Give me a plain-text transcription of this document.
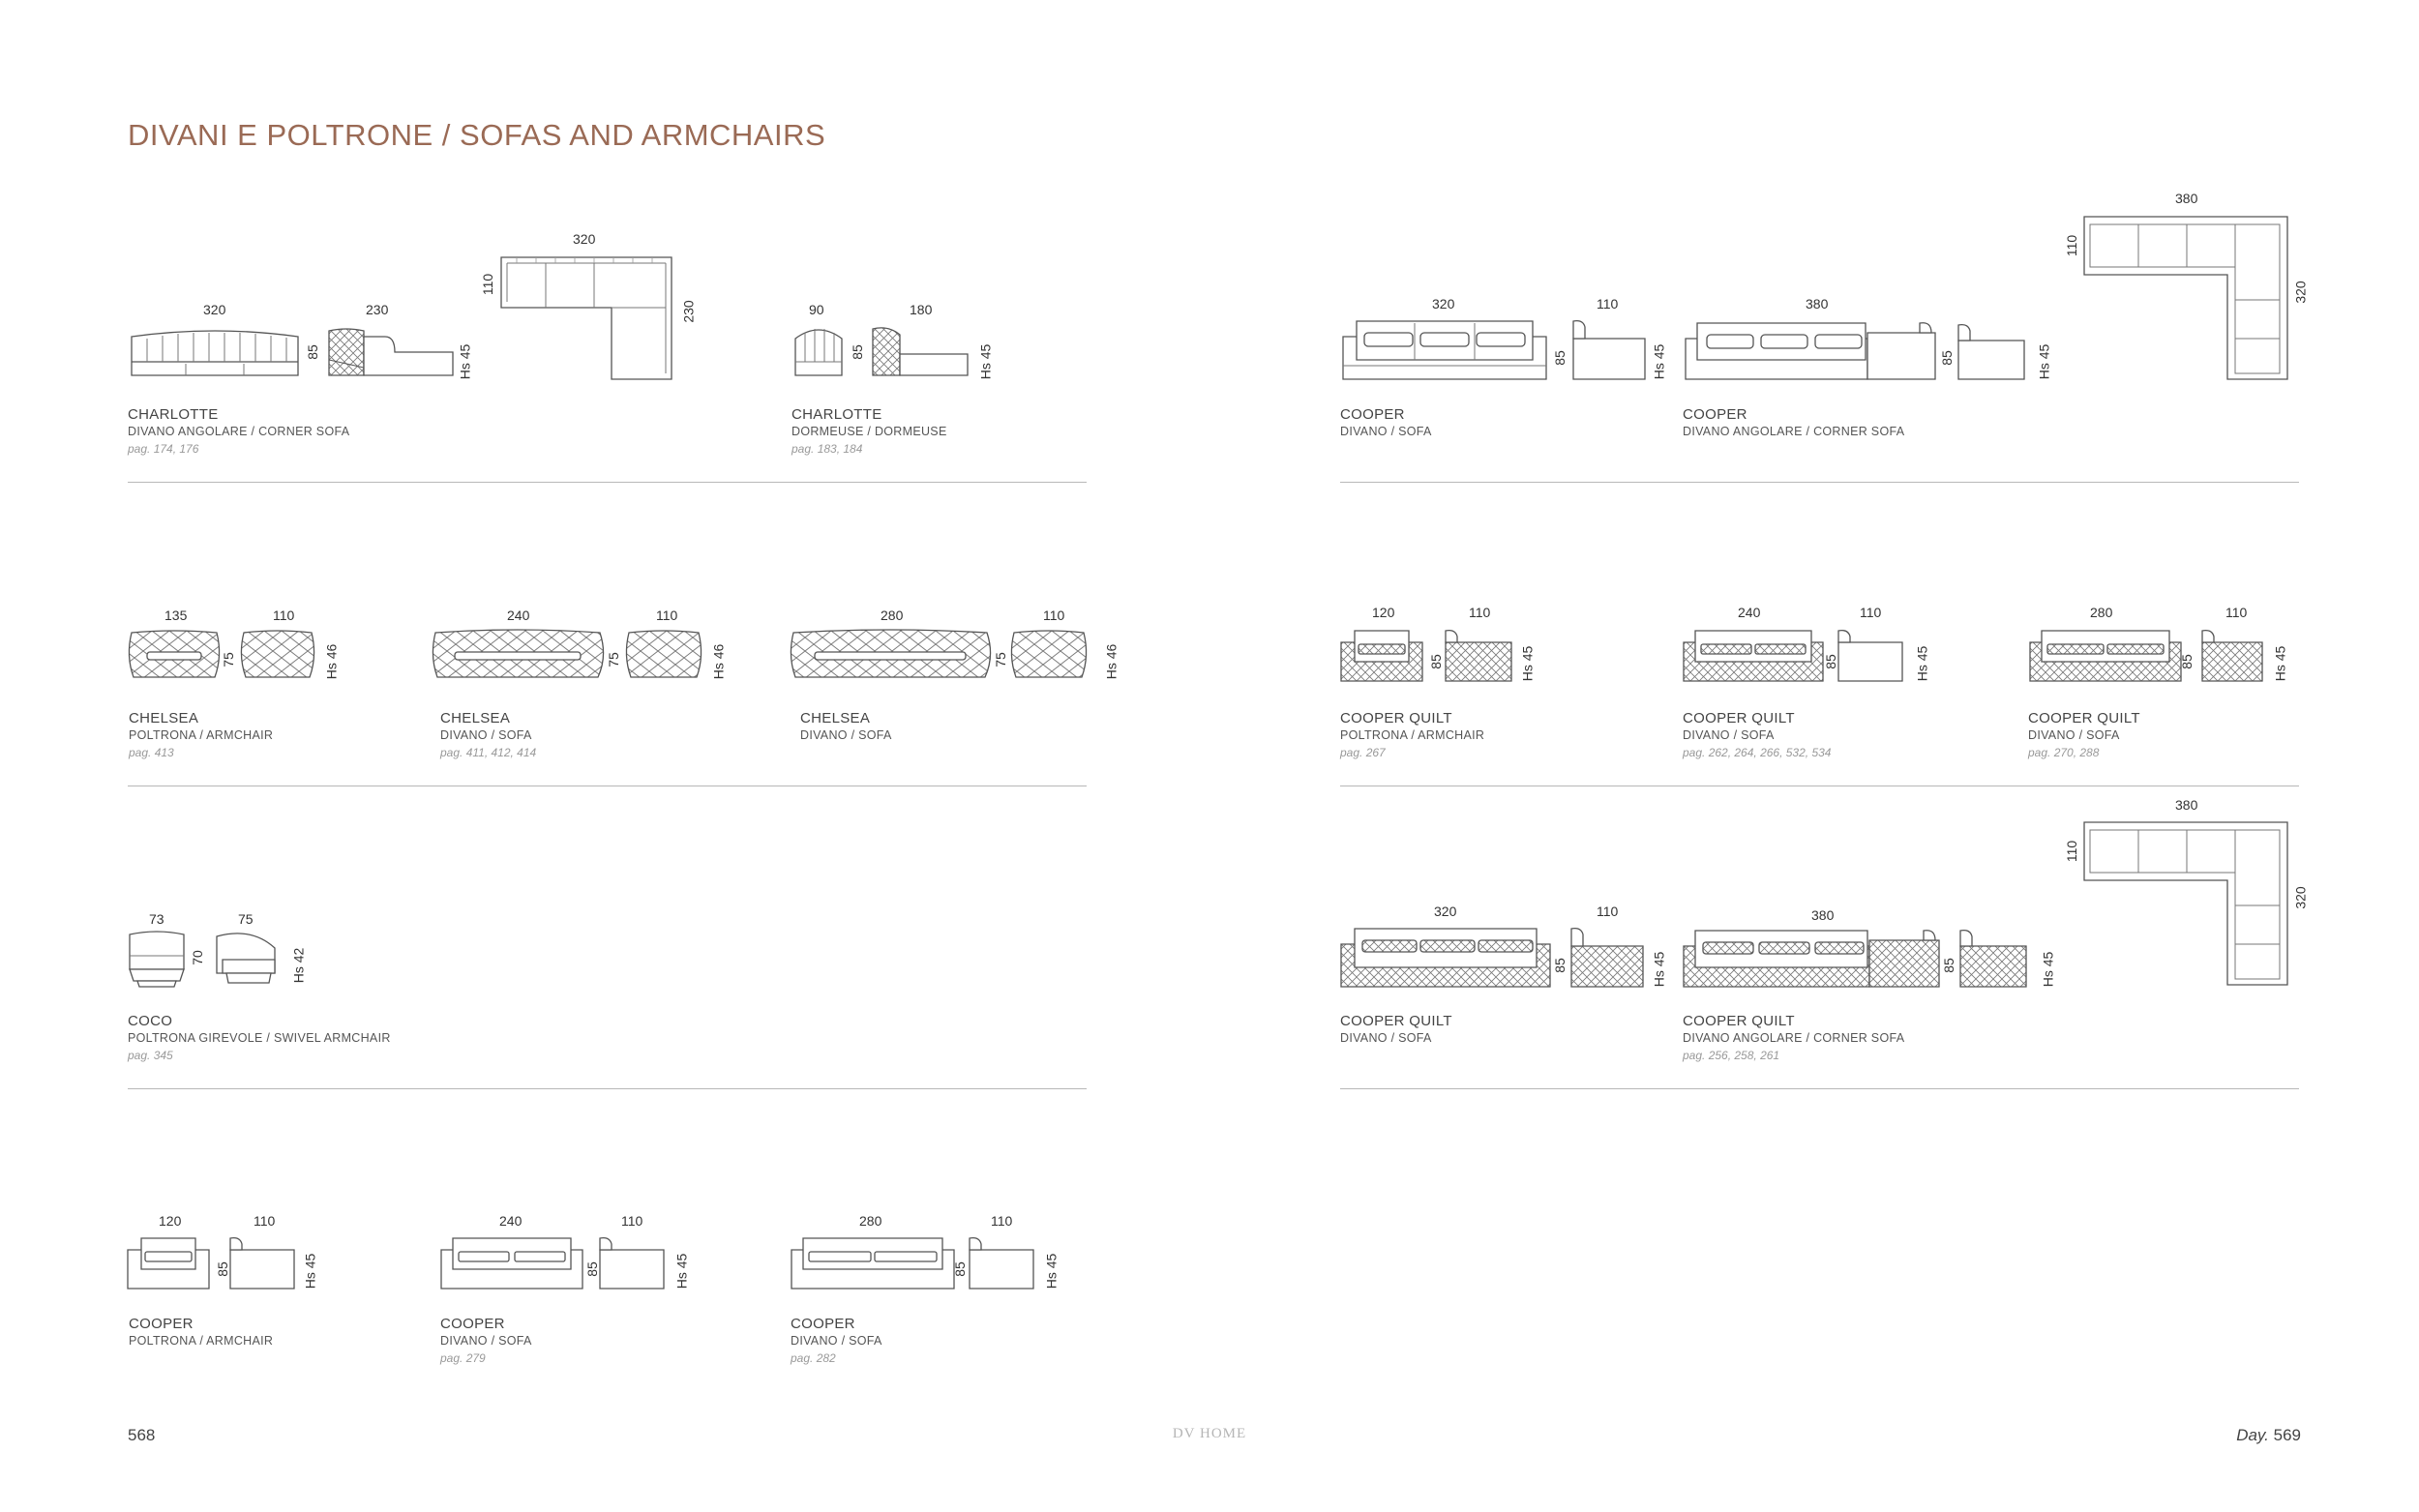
DIVANI E POLTRONE / SOFAS AND ARMCHAIRS
320
85
230
Hs 45
320
110
230
CHARLOTTE
DIVANO ANGOLARE / CORNER SOFA
pag. 174, 176
90
85
180
Hs 45
CHARLOTTE
DORMEUSE / DORMEUSE
pag. 183, 184
320
85
110
Hs 45
COOPER
DIVANO / SOFA
380
85	Hs 45
380
110
320
COOPER
DIVANO ANGOLARE / CORNER SOFA
135
75
110
Hs 46
CHELSEA
POLTRONA / ARMCHAIR
pag. 413
240
75
110
Hs 46
CHELSEA
DIVANO / SOFA
pag. 411, 412, 414
280
75
110
Hs 46
CHELSEA
DIVANO / SOFA
120
85
110
Hs 45
COOPER QUILT
POLTRONA / ARMCHAIR
pag. 267
240
85
110
Hs 45
COOPER QUILT
DIVANO / SOFA
pag. 262, 264, 266, 532, 534
280
85
110
Hs 45
COOPER QUILT
DIVANO / SOFA
pag. 270, 288
73
70
75
Hs 42
COCO
POLTRONA GIREVOLE / SWIVEL ARMCHAIR
pag. 345
320
85
110
Hs 45
COOPER QUILT
DIVANO / SOFA
380
85	Hs 45
380
110
320
COOPER QUILT
DIVANO ANGOLARE / CORNER SOFA
pag. 256, 258, 261
120
85
110
Hs 45
COOPER
POLTRONA / ARMCHAIR
240
85
110
Hs 45
COOPER
DIVANO / SOFA
pag. 279
280
85
110
Hs 45
COOPER
DIVANO / SOFA
pag. 282
568	DV HOME	Day. 569
